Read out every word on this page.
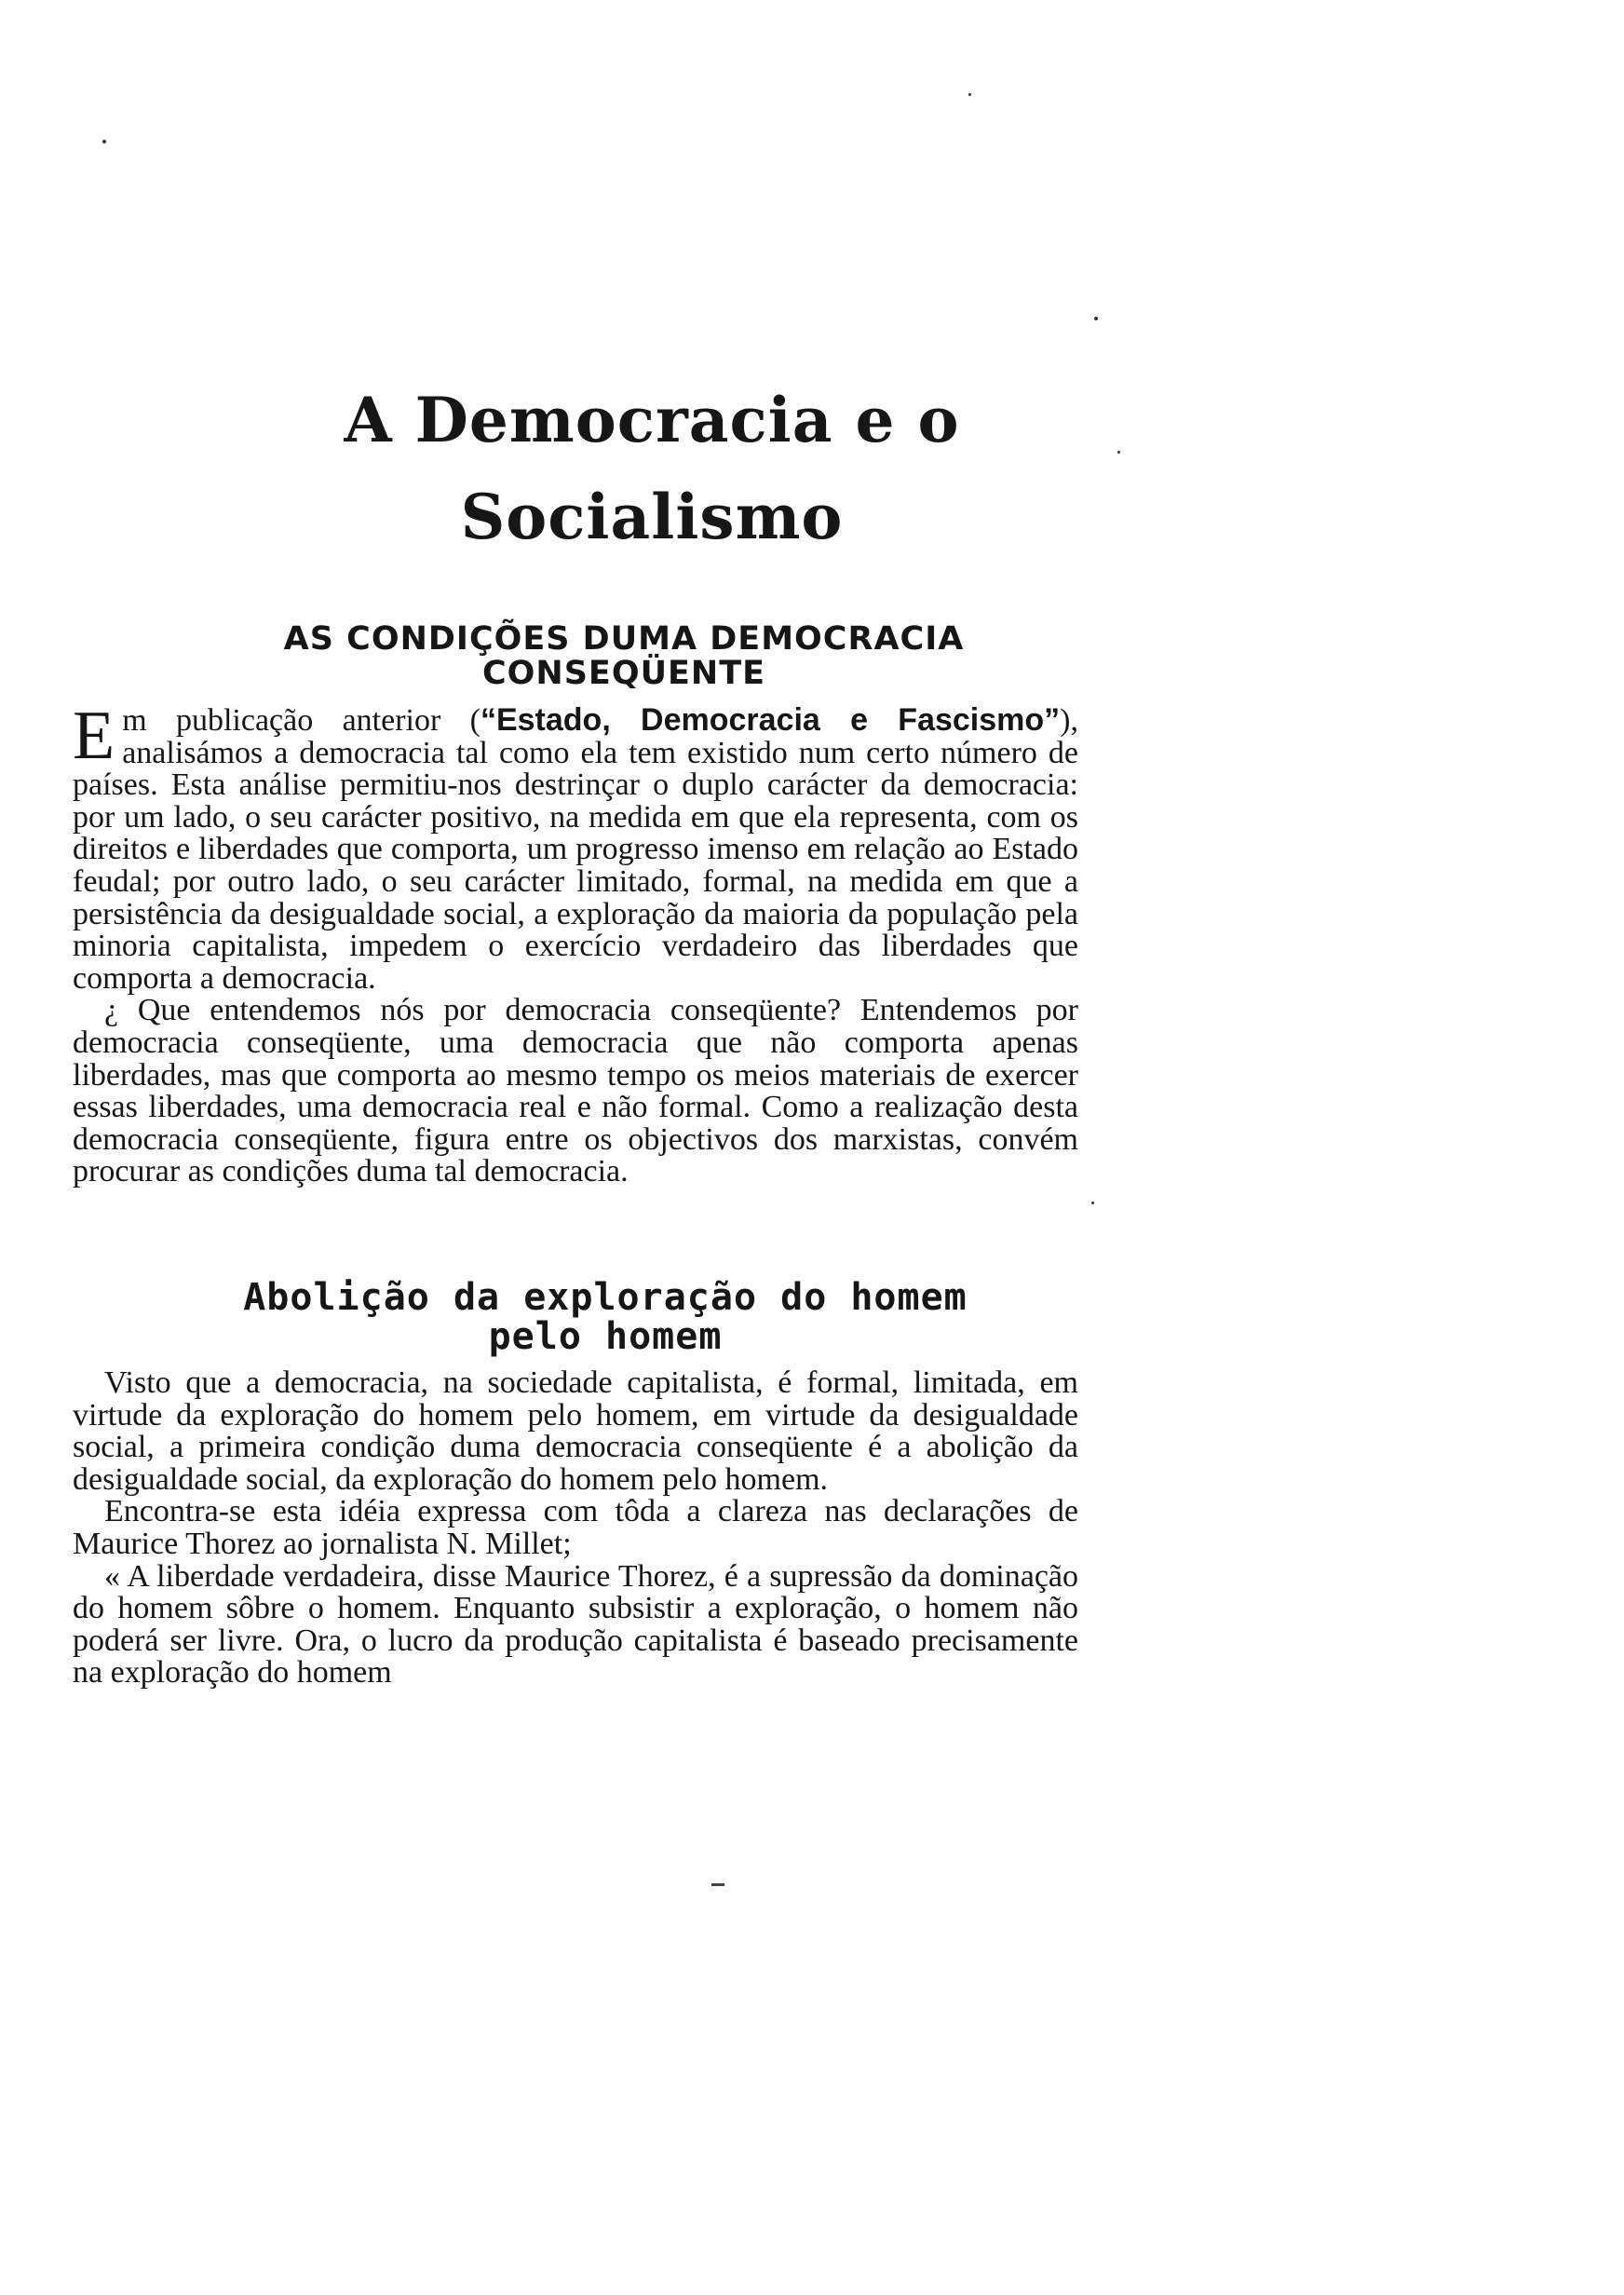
A Democracia e o
Socialismo
AS CONDIÇÕES DUMA DEMOCRACIA
CONSEQÜENTE

Em publicação anterior (“Estado, Democracia e Fascismo”), analisámos a democracia tal como ela tem existido num certo número de países. Esta análise permitiu-nos destrinçar o duplo carácter da democracia: por um lado, o seu carácter positivo, na medida em que ela representa, com os direitos e liberdades que comporta, um progresso imenso em relação ao Estado feudal; por outro lado, o seu carácter limitado, formal, na medida em que a persistência da desigualdade social, a exploração da maioria da população pela minoria capitalista, impedem o exercício verdadeiro das liberdades que comporta a democracia.

¿ Que entendemos nós por democracia conseqüente? Entendemos por democracia conseqüente, uma democracia que não comporta apenas liberdades, mas que comporta ao mesmo tempo os meios materiais de exercer essas liberdades, uma democracia real e não formal. Como a realização desta democracia conseqüente, figura entre os objectivos dos marxistas, convém procurar as condições duma tal democracia.

Abolição da exploração do homem
pelo homem

Visto que a democracia, na sociedade capitalista, é formal, limitada, em virtude da exploração do homem pelo homem, em virtude da desigualdade social, a primeira condição duma democracia conseqüente é a abolição da desigualdade social, da exploração do homem pelo homem.

Encontra-se esta idéia expressa com tôda a clareza nas declarações de Maurice Thorez ao jornalista N. Millet;

« A liberdade verdadeira, disse Maurice Thorez, é a supressão da dominação do homem sôbre o homem. Enquanto subsistir a exploração, o homem não poderá ser livre. Ora, o lucro da produção capitalista é baseado precisamente na exploração do homem
